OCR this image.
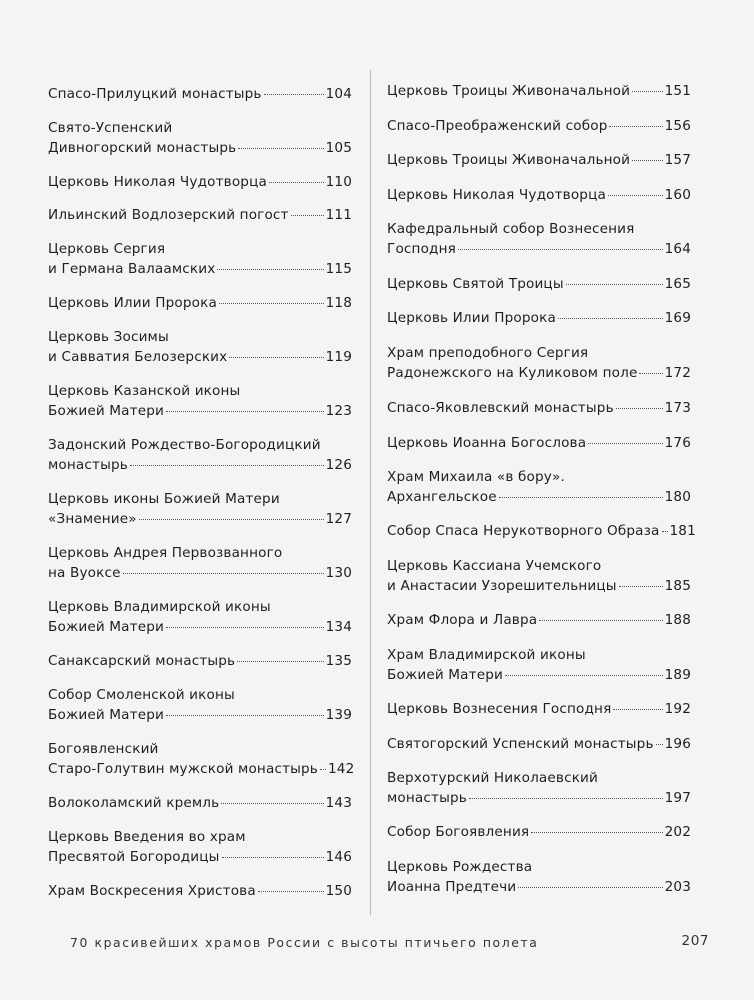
Спасо-Прилуцкий монастырь	104
Свято-Успенский
Дивногорский монастырь	105
Церковь Николая Чудотворца	110
Ильинский Водлозерский погост	111
Церковь Сергия
и Германа Валаамских	115
Церковь Илии Пророка	118
Церковь Зосимы
и Савватия Белозерских	119
Церковь Казанской иконы
Божией Матери	123
Задонский Рождество-Богородицкий
монастырь	126
Церковь иконы Божией Матери
«Знамение»	127
Церковь Андрея Первозванного
на Вуоксе	130
Церковь Владимирской иконы
Божией Матери	134
Санаксарский монастырь	135
Собор Смоленской иконы
Божией Матери	139
Богоявленский
Старо-Голутвин мужской монастырь 142
Волоколамский кремль	143
Церковь Введения во храм
Пресвятой Богородицы	146
Храм Воскресения Христова	150
Церковь Троицы Живоначальной	151
Спасо-Преображенский собор	156
Церковь Троицы Живоначальной	157
Церковь Николая Чудотворца	160
Кафедральный собор Вознесения
Господня	164
Церковь Святой Троицы	165
Церковь Илии Пророка	169
Храм преподобного Сергия
Радонежского на Куликовом поле 172
Спасо-Яковлевский монастырь	173
Церковь Иоанна Богослова	176
Храм Михаила «в бору».
Архангельское	180
Собор Спаса Нерукотворного Образа 181
Церковь Кассиана Учемского
и Анастасии Узорешительницы	185
Храм Флора и Лавра	188
Храм Владимирской иконы
Божией Матери	189
Церковь Вознесения Господня	192
Святогорский Успенский монастырь 196
Верхотурский Николаевский
монастырь	197
Собор Богоявления	202
Церковь Рождества
Иоанна Предтечи	203
70 красивейших храмов России с высоты птичьего полета	207
